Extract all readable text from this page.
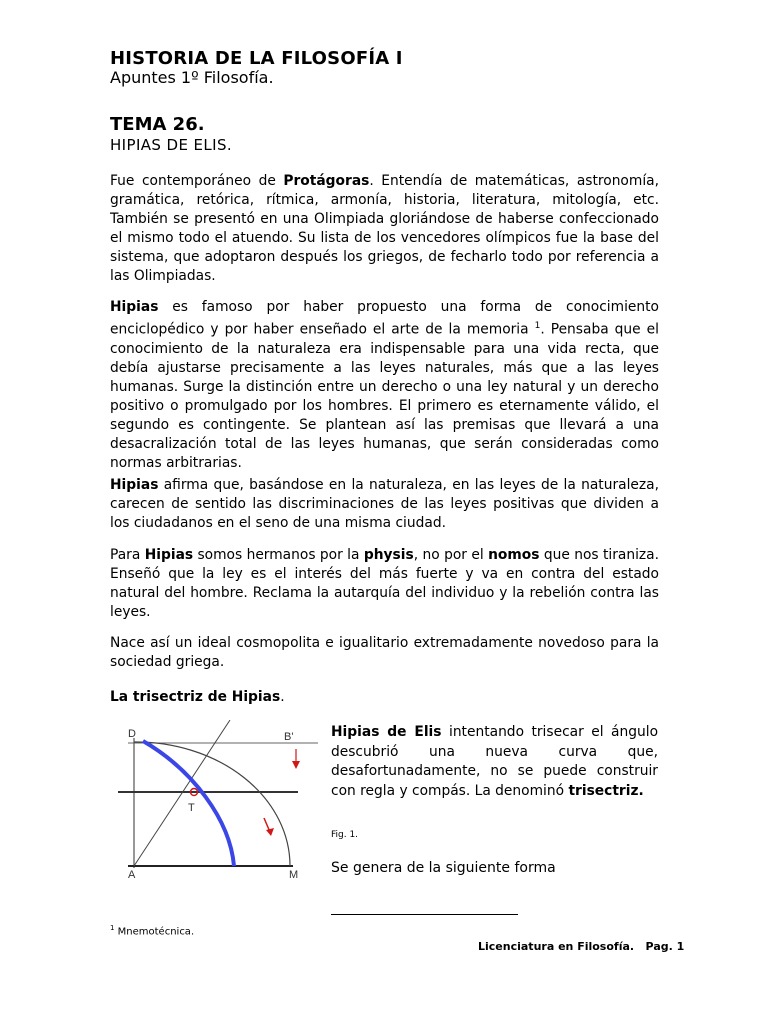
HISTORIA DE LA FILOSOFÍA I
Apuntes 1º Filosofía.
TEMA 26.
HIPIAS DE ELIS.

Fue contemporáneo de Protágoras. Entendía de matemáticas, astronomía, gramática, retórica, rítmica, armonía, historia, literatura, mitología, etc. También se presentó en una Olimpiada gloriándose de haberse confeccionado el mismo todo el atuendo. Su lista de los vencedores olímpicos fue la base del sistema, que adoptaron después los griegos, de fecharlo todo por referencia a las Olimpiadas.

Hipias es famoso por haber propuesto una forma de conocimiento enciclopédico y por haber enseñado el arte de la memoria $^1$. Pensaba que el conocimiento de la naturaleza era indispensable para una vida recta, que debía ajustarse precisamente a las leyes naturales, más que a las leyes humanas. Surge la distinción entre un derecho o una ley natural y un derecho positivo o promulgado por los hombres. El primero es eternamente válido, el segundo es contingente. Se plantean así las premisas que llevará a una desacralización total de las leyes humanas, que serán consideradas como normas arbitrarias.

Hipias afirma que, basándose en la naturaleza, en las leyes de la naturaleza, carecen de sentido las discriminaciones de las leyes positivas que dividen a los ciudadanos en el seno de una misma ciudad.

Para Hipias somos hermanos por la physis, no por el nomos que nos tiraniza. Enseñó que la ley es el interés del más fuerte y va en contra del estado natural del hombre. Reclama la autarquía del individuo y la rebelión contra las leyes.

Nace así un ideal cosmopolita e igualitario extremadamente novedoso para la sociedad griega.

La trisectriz de Hipias.
D	B'
T
A	M

Hipias de Elis intentando trisecar el ángulo descubrió una nueva curva que, desafortunadamente, no se puede construir con regla y compás. La denominó trisectriz.

Fig. 1.
Se genera de la siguiente forma
$^1$ Mnemotécnica.
Licenciatura en Filosofía.   Pag. 1
